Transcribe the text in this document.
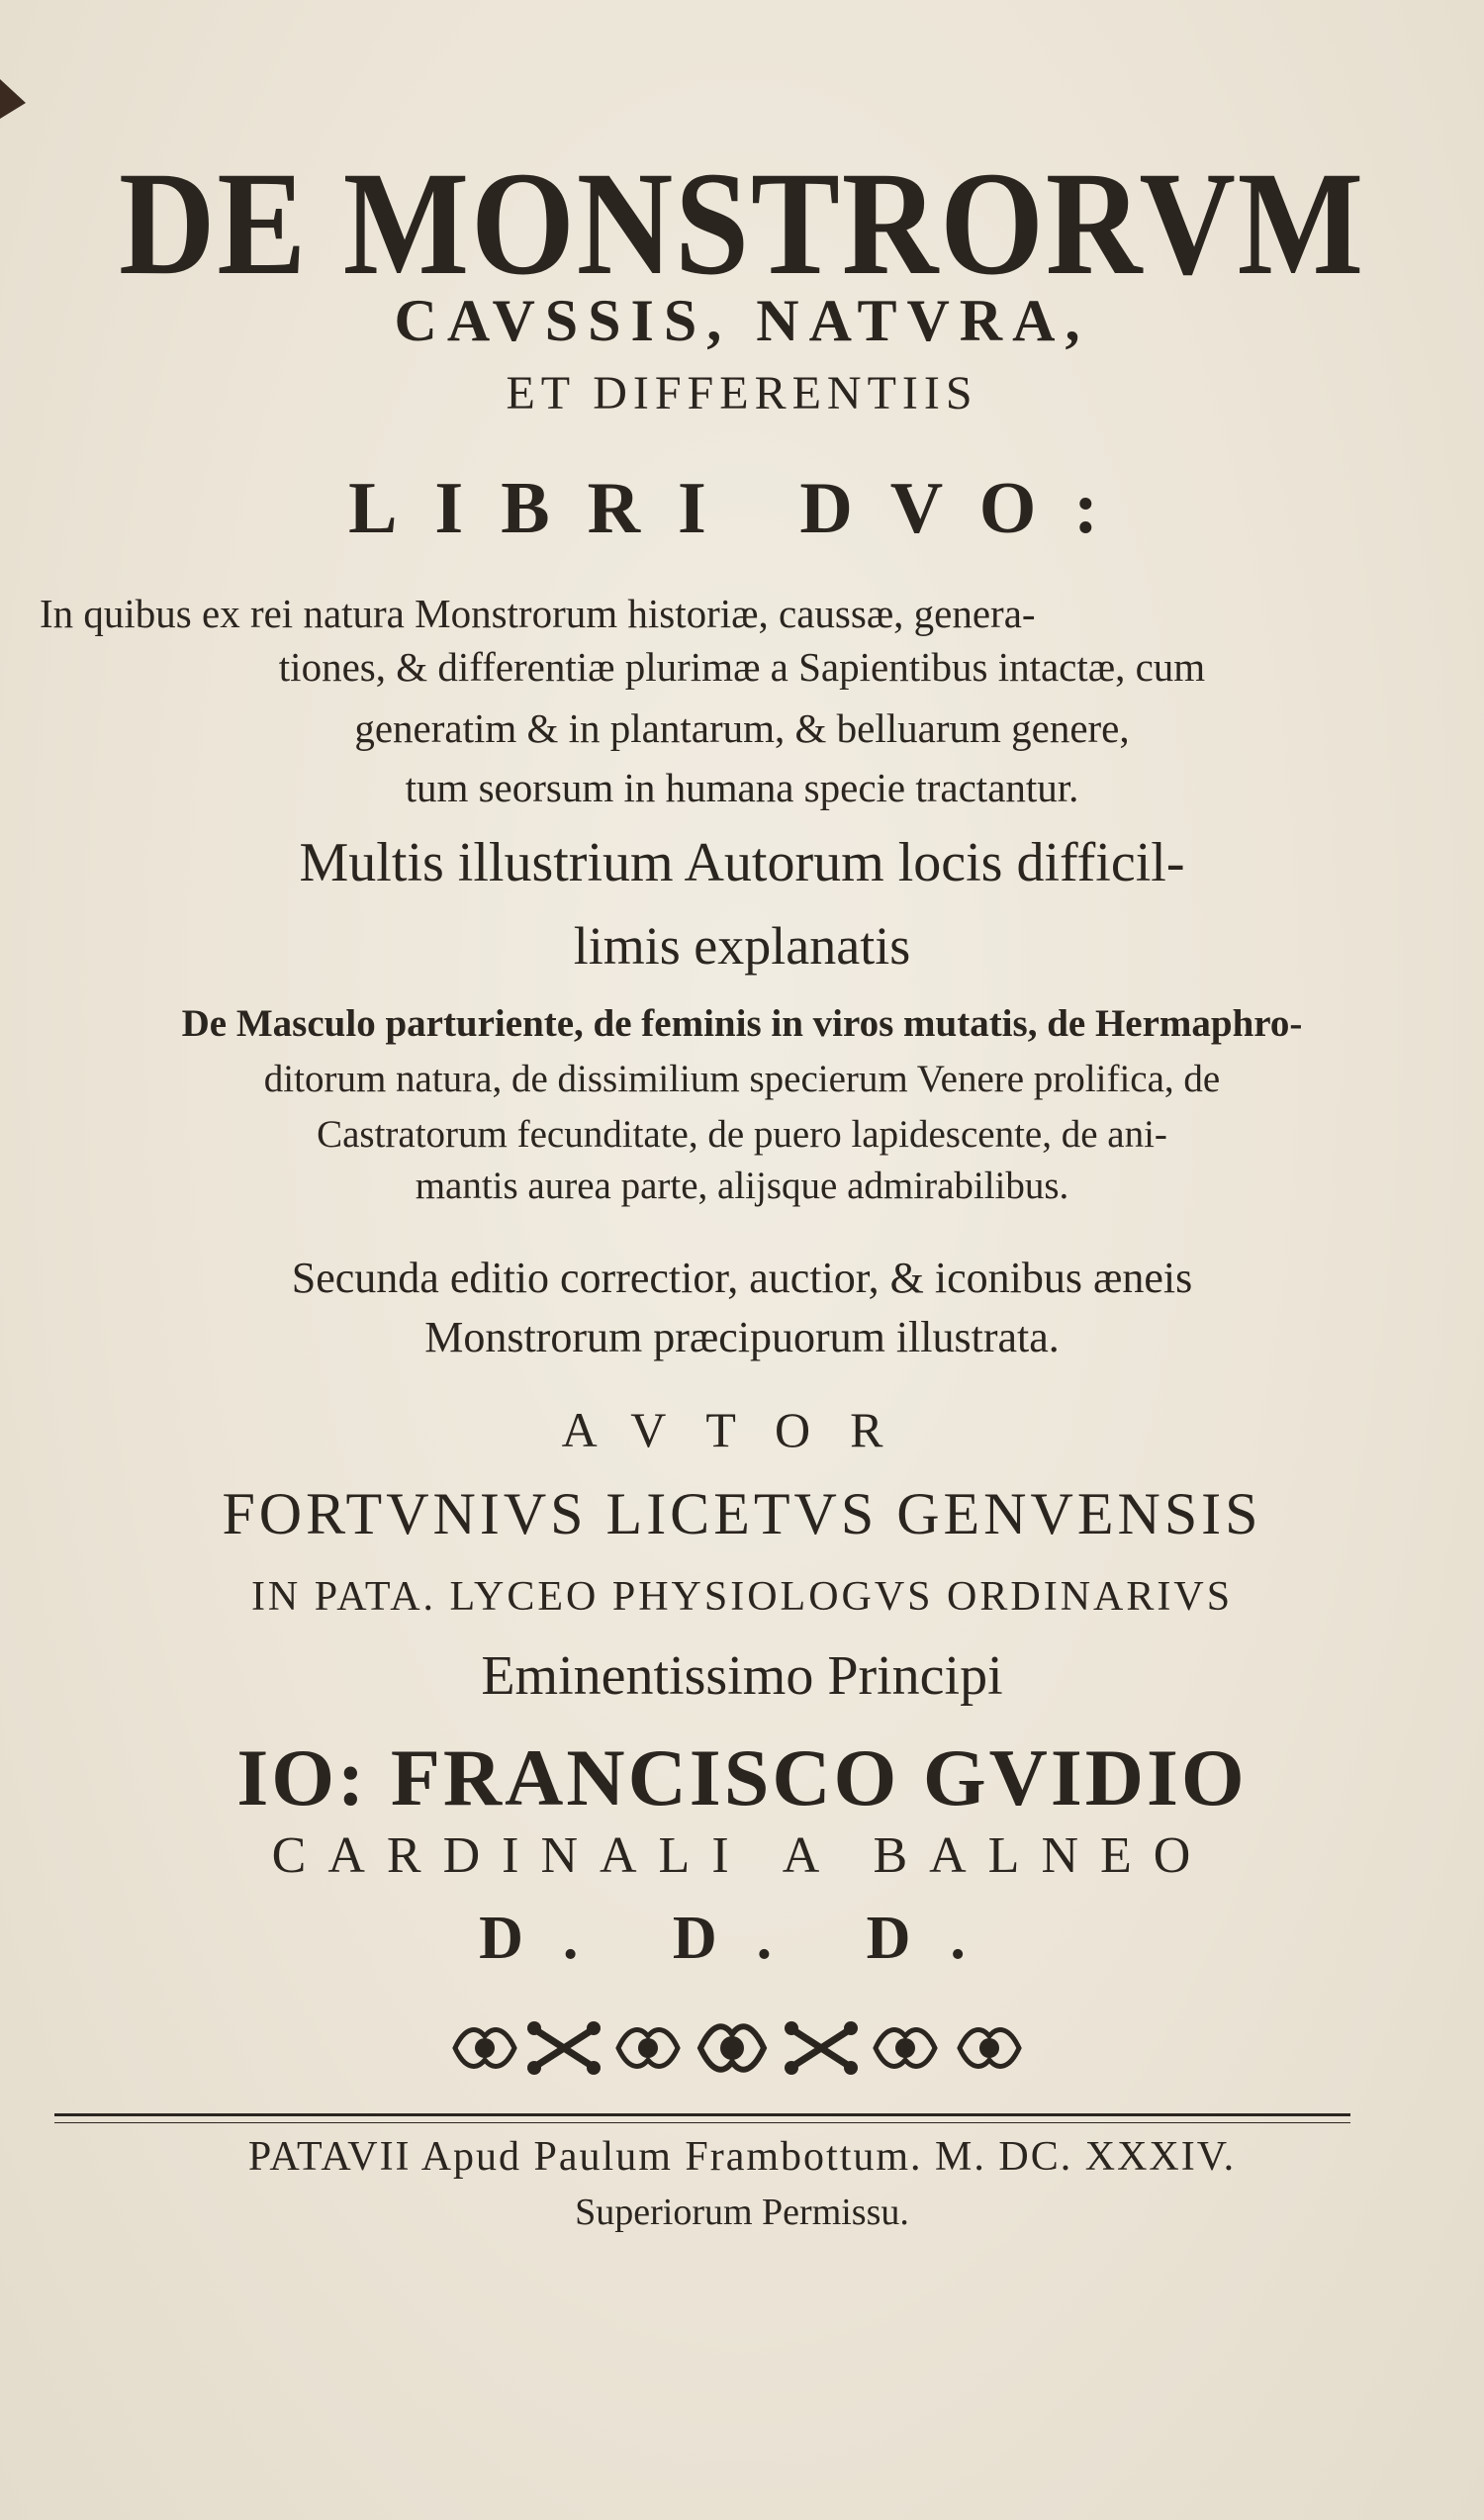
DE MONSTRORVM
CAVSSIS, NATVRA,
ET DIFFERENTIIS
LIBRI DVO:
In quibus ex rei natura Monstrorum historiæ, caussæ, genera-
tiones, & differentiæ plurimæ a Sapientibus intactæ, cum
generatim & in plantarum, & belluarum genere,
tum seorsum in humana specie tractantur.
Multis illustrium Autorum locis difficil-
limis explanatis
De Masculo parturiente, de feminis in viros mutatis, de Hermaphro-
ditorum natura, de dissimilium specierum Venere prolifica, de
Castratorum fecunditate, de puero lapidescente, de ani-
mantis aurea parte, alijsque admirabilibus.
Secunda editio correctior, auctior, & iconibus æneis
Monstrorum præcipuorum illustrata.
AVTOR
FORTVNIVS LICETVS GENVENSIS
IN PATA. LYCEO PHYSIOLOGVS ORDINARIVS
Eminentissimo Principi
IO: FRANCISCO GVIDIO
CARDINALI A BALNEO
D. D. D.
PATAVII Apud Paulum Frambottum. M. DC. XXXIV.
Superiorum Permissu.
